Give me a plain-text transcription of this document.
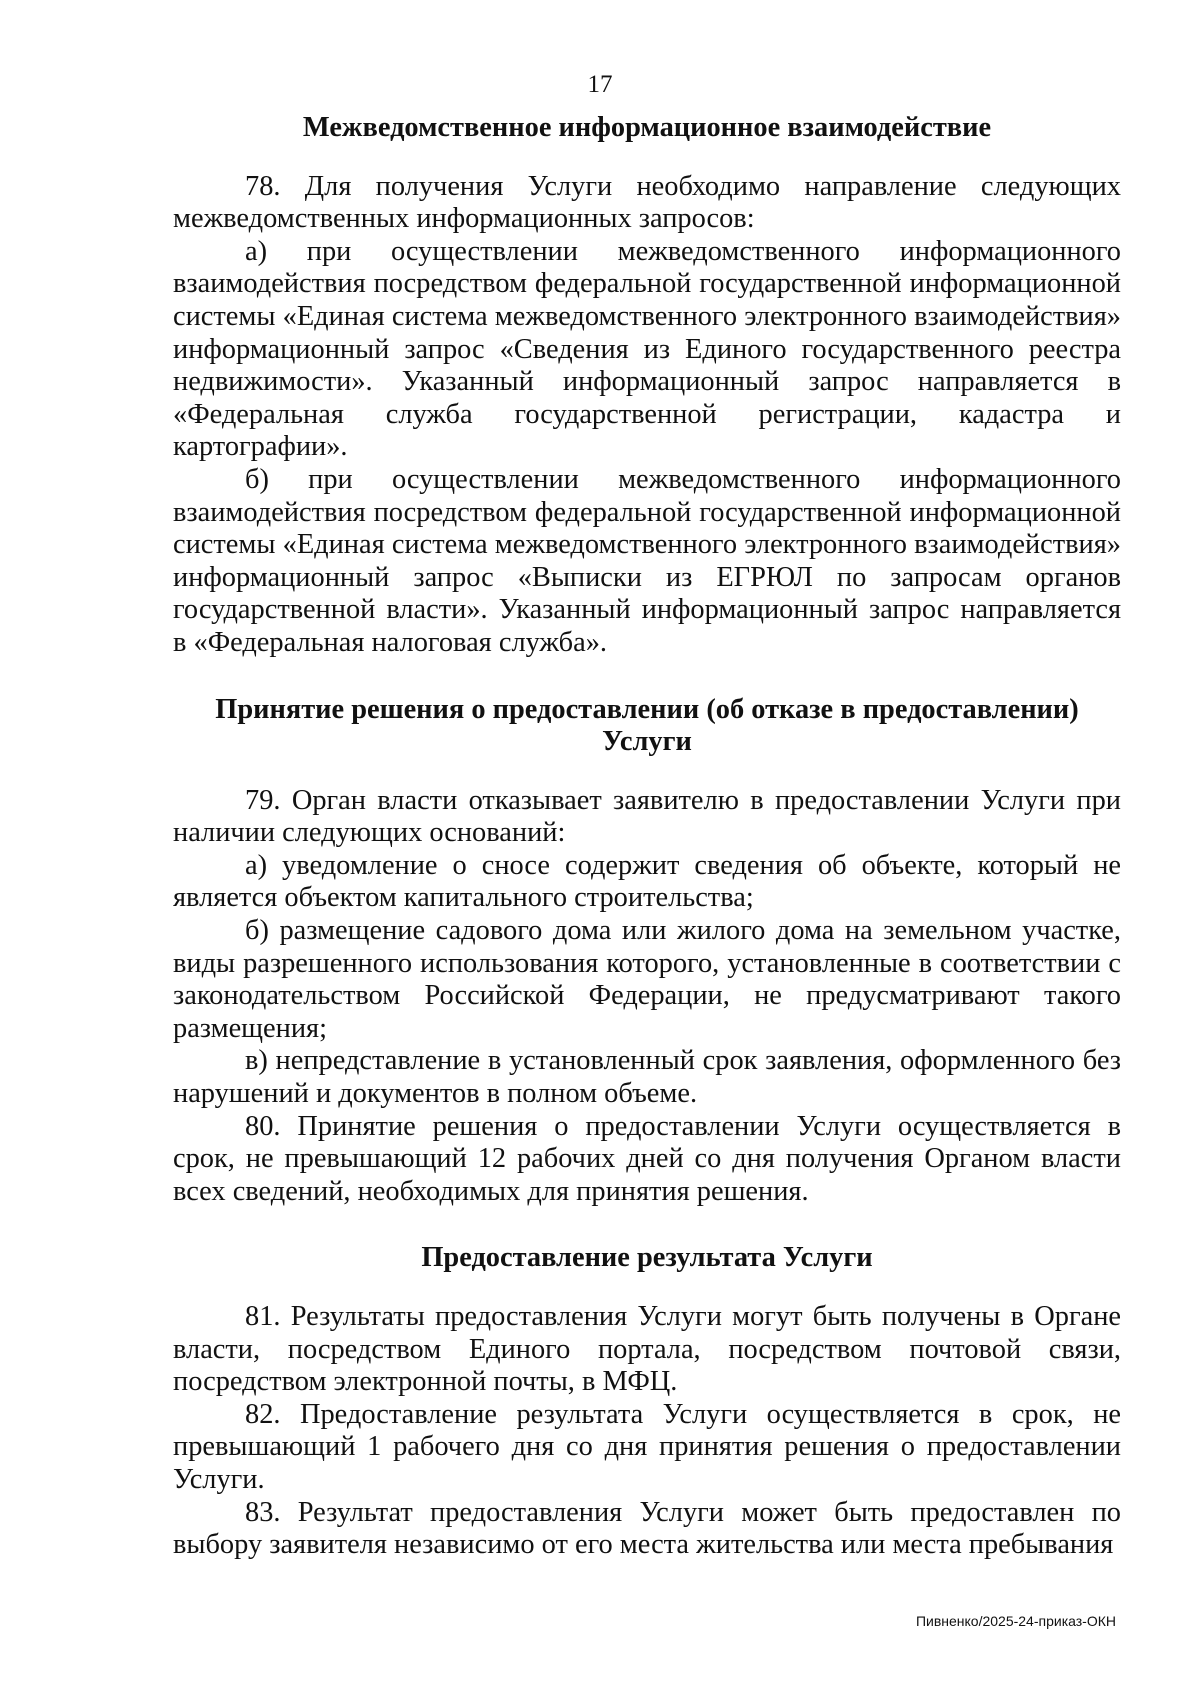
17

Межведомственное информационное взаимодействие

78. Для получения Услуги необходимо направление следующих межведомственных информационных запросов:

а) при осуществлении межведомственного информационного взаимодействия посредством федеральной государственной информационной системы «Единая система межведомственного электронного взаимодействия» информационный запрос «Сведения из Единого государственного реестра недвижимости». Указанный информационный запрос направляется в «Федеральная служба государственной регистрации, кадастра и картографии».

б) при осуществлении межведомственного информационного взаимодействия посредством федеральной государственной информационной системы «Единая система межведомственного электронного взаимодействия» информационный запрос «Выписки из ЕГРЮЛ по запросам органов государственной власти». Указанный информационный запрос направляется в «Федеральная налоговая служба».

Принятие решения о предоставлении (об отказе в предоставлении) Услуги

79. Орган власти отказывает заявителю в предоставлении Услуги при наличии следующих оснований:

а) уведомление о сносе содержит сведения об объекте, который не является объектом капитального строительства;

б) размещение садового дома или жилого дома на земельном участке, виды разрешенного использования которого, установленные в соответствии с законодательством Российской Федерации, не предусматривают такого размещения;

в) непредставление в установленный срок заявления, оформленного без нарушений и документов в полном объеме.

80. Принятие решения о предоставлении Услуги осуществляется в срок, не превышающий 12 рабочих дней со дня получения Органом власти всех сведений, необходимых для принятия решения.

Предоставление результата Услуги

81. Результаты предоставления Услуги могут быть получены в Органе власти, посредством Единого портала, посредством почтовой связи, посредством электронной почты, в МФЦ.

82. Предоставление результата Услуги осуществляется в срок, не превышающий 1 рабочего дня со дня принятия решения о предоставлении Услуги.

83. Результат предоставления Услуги может быть предоставлен по выбору заявителя независимо от его места жительства или места пребывания

Пивненко/2025-24-приказ-ОКН
